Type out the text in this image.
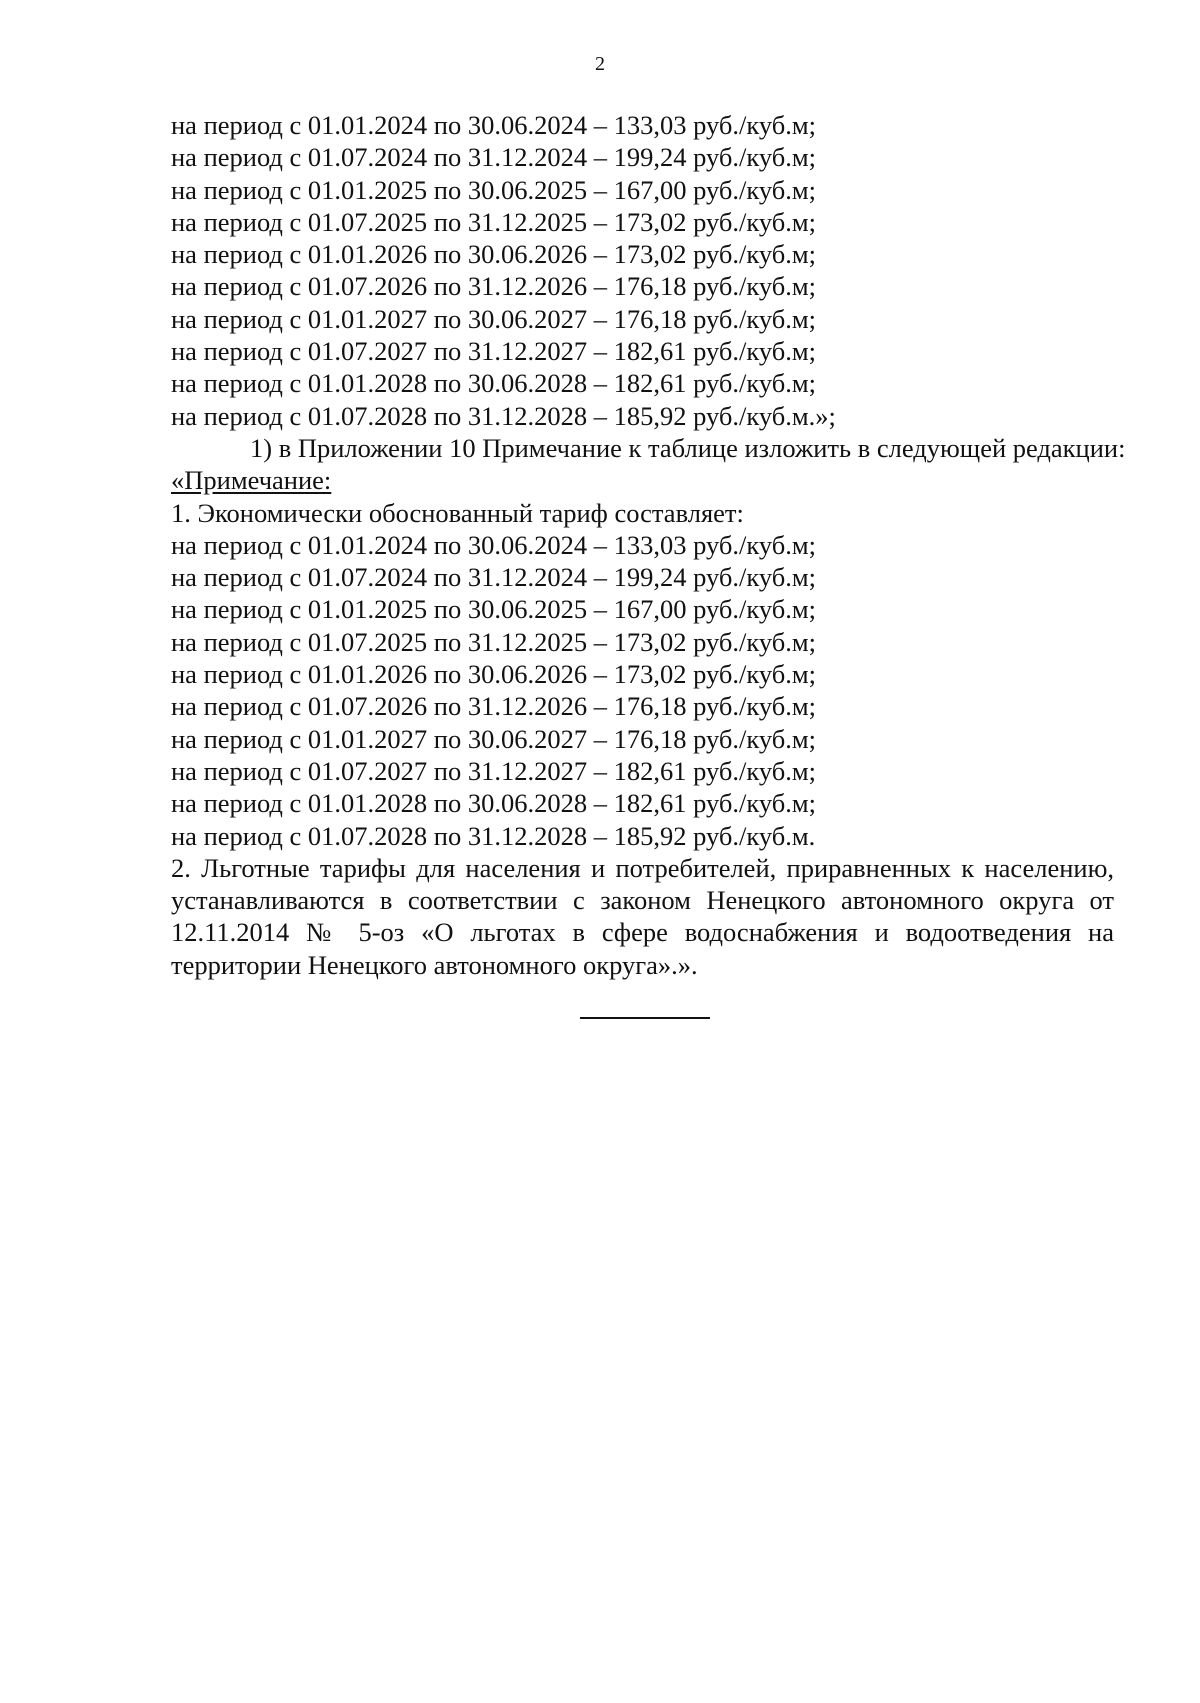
2

на период с 01.01.2024 по 30.06.2024 – 133,03 руб./куб.м;

на период с 01.07.2024 по 31.12.2024 – 199,24 руб./куб.м;

на период с 01.01.2025 по 30.06.2025 – 167,00 руб./куб.м;

на период с 01.07.2025 по 31.12.2025 – 173,02 руб./куб.м;

на период с 01.01.2026 по 30.06.2026 – 173,02 руб./куб.м;

на период с 01.07.2026 по 31.12.2026 – 176,18 руб./куб.м;

на период с 01.01.2027 по 30.06.2027 – 176,18 руб./куб.м;

на период с 01.07.2027 по 31.12.2027 – 182,61 руб./куб.м;

на период с 01.01.2028 по 30.06.2028 – 182,61 руб./куб.м;

на период с 01.07.2028 по 31.12.2028 – 185,92 руб./куб.м.»;

1) в Приложении 10 Примечание к таблице изложить в следующей редакции:

«Примечание:

1. Экономически обоснованный тариф составляет:

на период с 01.01.2024 по 30.06.2024 – 133,03 руб./куб.м;

на период с 01.07.2024 по 31.12.2024 – 199,24 руб./куб.м;

на период с 01.01.2025 по 30.06.2025 – 167,00 руб./куб.м;

на период с 01.07.2025 по 31.12.2025 – 173,02 руб./куб.м;

на период с 01.01.2026 по 30.06.2026 – 173,02 руб./куб.м;

на период с 01.07.2026 по 31.12.2026 – 176,18 руб./куб.м;

на период с 01.01.2027 по 30.06.2027 – 176,18 руб./куб.м;

на период с 01.07.2027 по 31.12.2027 – 182,61 руб./куб.м;

на период с 01.01.2028 по 30.06.2028 – 182,61 руб./куб.м;

на период с 01.07.2028 по 31.12.2028 – 185,92 руб./куб.м.

2. Льготные тарифы для населения и потребителей, приравненных к населению, устанавливаются в соответствии с законом Ненецкого автономного округа от 12.11.2014 № 5-оз «О льготах в сфере водоснабжения и водоотведения на территории Ненецкого автономного округа».».
